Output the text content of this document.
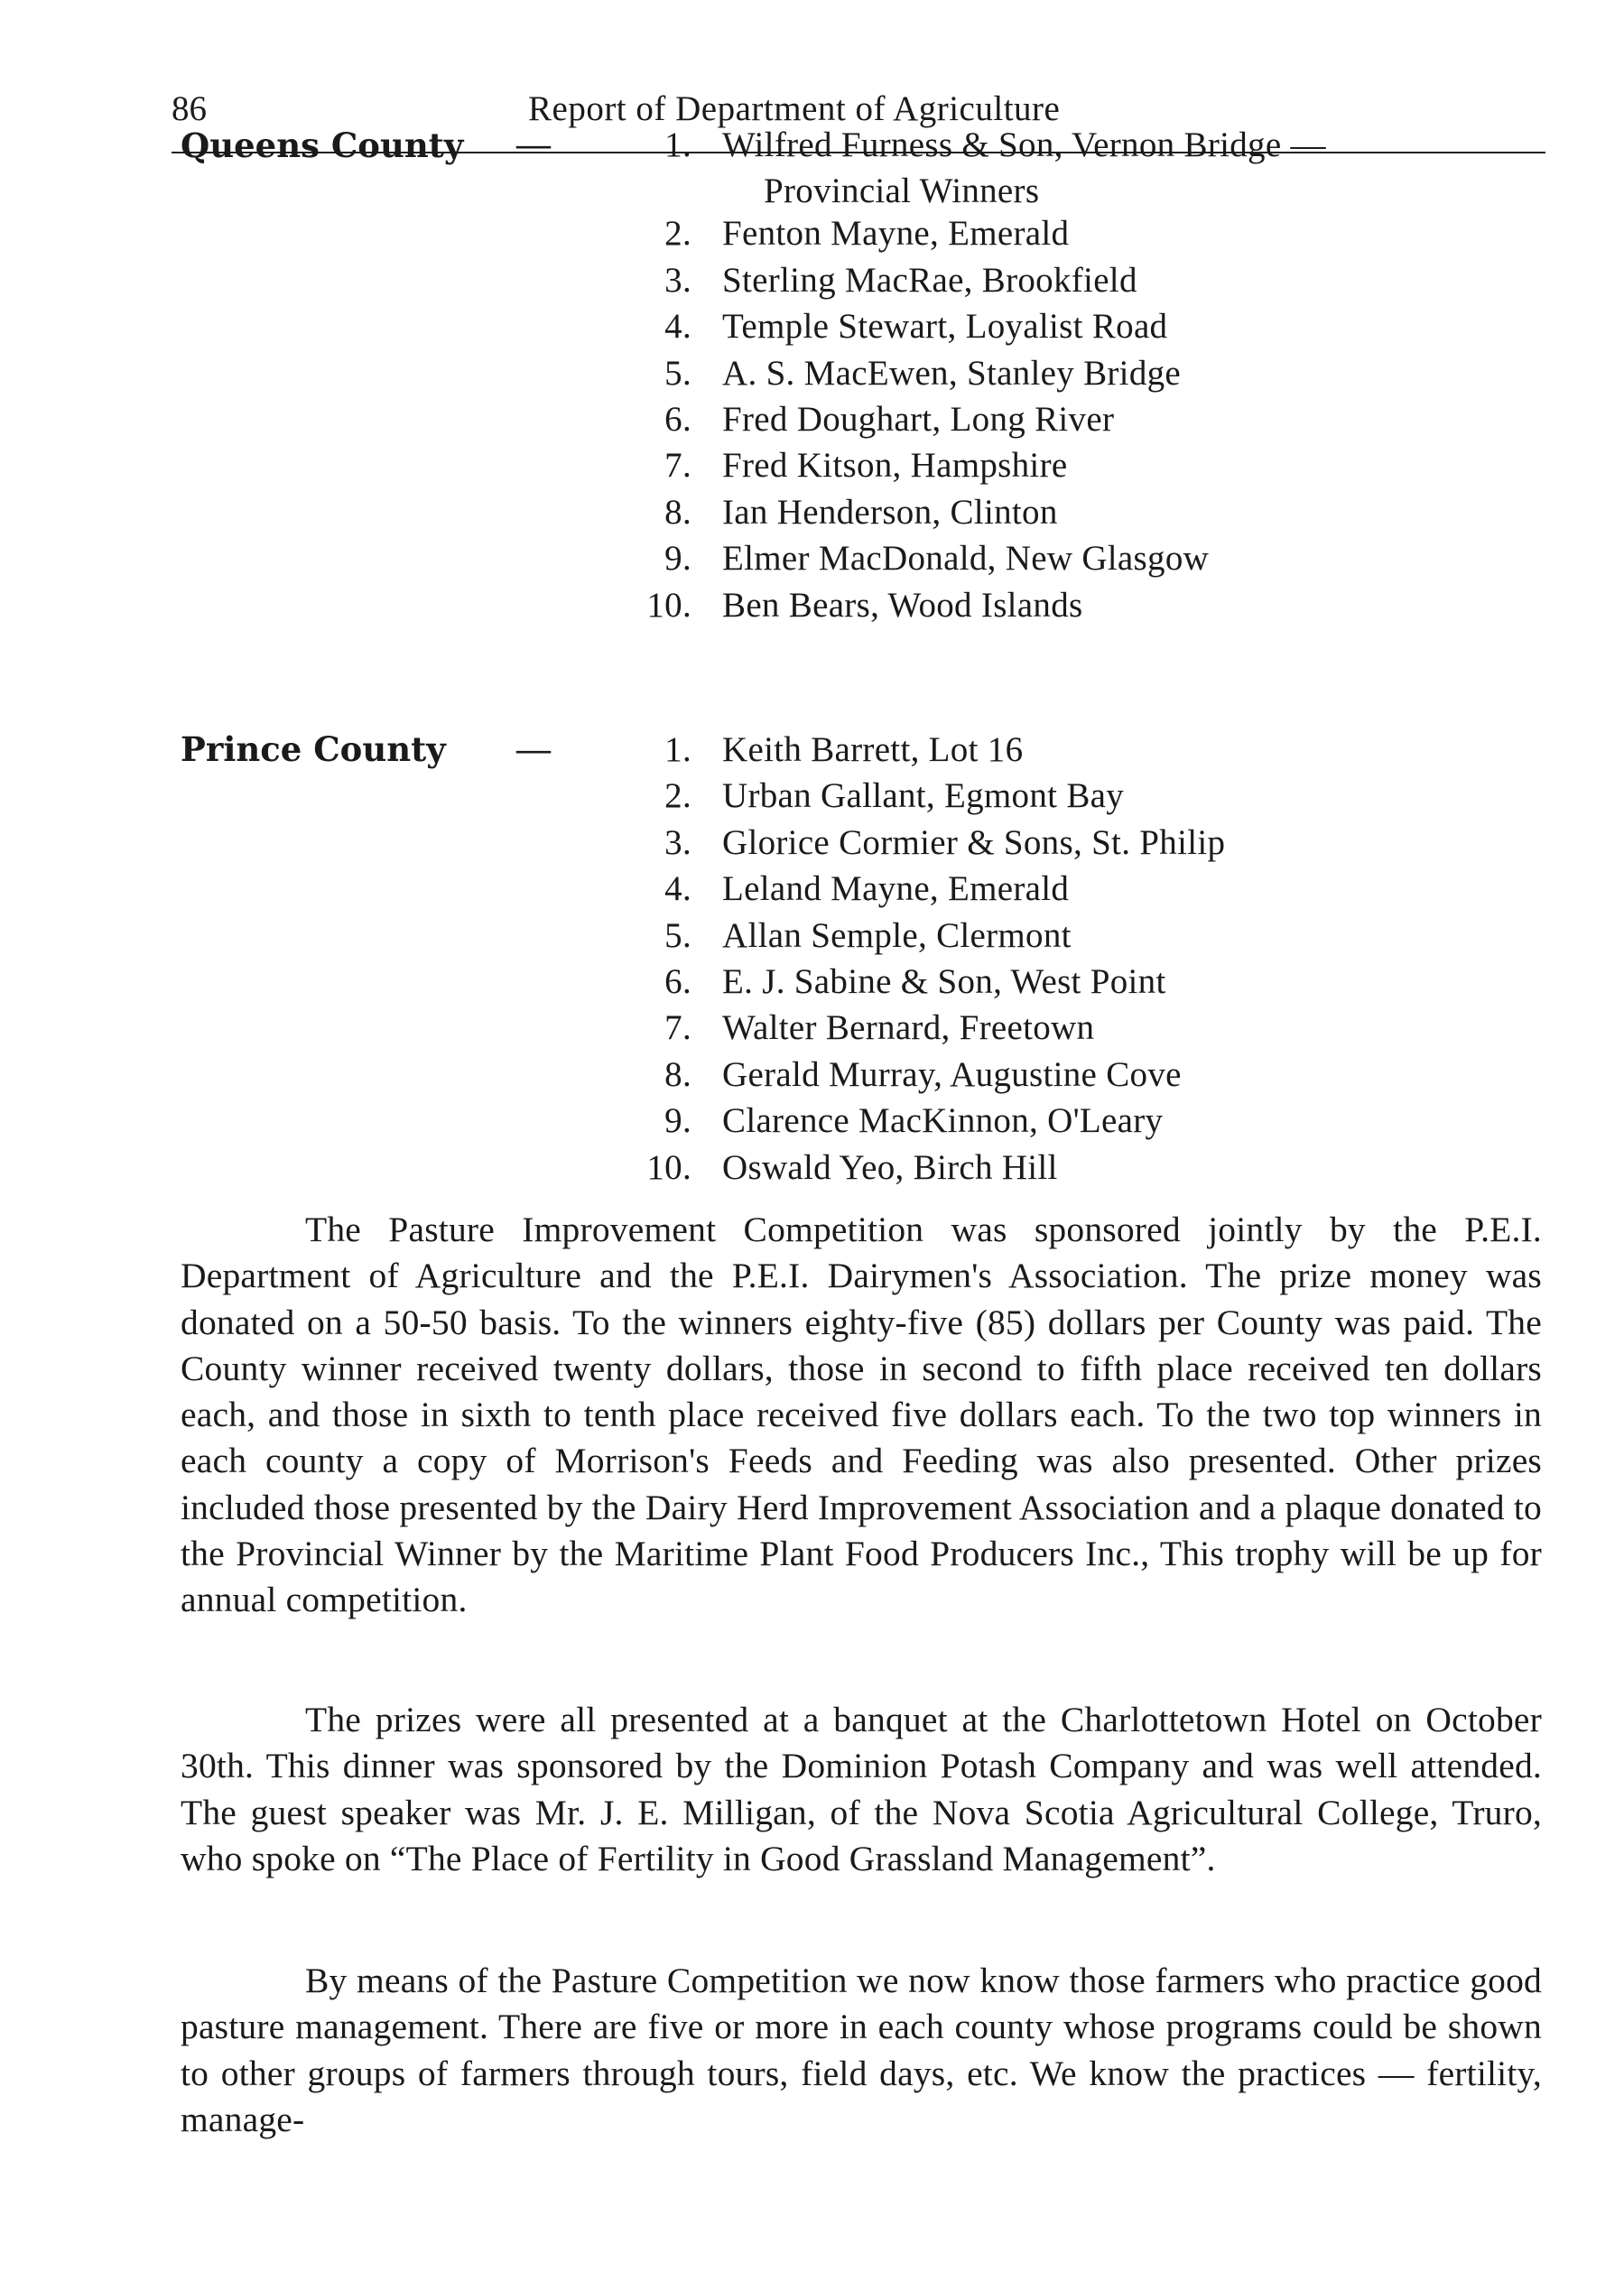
86	Report of Department of Agriculture
Queens County —	1. Wilfred Furness & Son, Vernon Bridge —
Provincial Winners
2. Fenton Mayne, Emerald
3. Sterling MacRae, Brookfield
4. Temple Stewart, Loyalist Road
5. A. S. MacEwen, Stanley Bridge
6. Fred Doughart, Long River
7. Fred Kitson, Hampshire
8. Ian Henderson, Clinton
9. Elmer MacDonald, New Glasgow
10. Ben Bears, Wood Islands
Prince County —	1. Keith Barrett, Lot 16
2. Urban Gallant, Egmont Bay
3. Glorice Cormier & Sons, St. Philip
4. Leland Mayne, Emerald
5. Allan Semple, Clermont
6. E. J. Sabine & Son, West Point
7. Walter Bernard, Freetown
8. Gerald Murray, Augustine Cove
9. Clarence MacKinnon, O'Leary
10. Oswald Yeo, Birch Hill

The Pasture Improvement Competition was sponsored jointly by the P.E.I. Department of Agriculture and the P.E.I. Dairymen's Association. The prize money was donated on a 50-50 basis. To the winners eighty-five (85) dollars per County was paid. The County winner received twenty dollars, those in second to fifth place received ten dollars each, and those in sixth to tenth place received five dollars each. To the two top winners in each county a copy of Morrison's Feeds and Feeding was also presented. Other prizes included those presented by the Dairy Herd Improvement Association and a plaque donated to the Provincial Winner by the Maritime Plant Food Producers Inc., This trophy will be up for annual competition.

The prizes were all presented at a banquet at the Charlottetown Hotel on October 30th. This dinner was sponsored by the Dominion Potash Company and was well attended. The guest speaker was Mr. J. E. Milligan, of the Nova Scotia Agricultural College, Truro, who spoke on “The Place of Fertility in Good Grassland Management”.

By means of the Pasture Competition we now know those farmers who practice good pasture management. There are five or more in each county whose programs could be shown to other groups of farmers through tours, field days, etc. We know the practices — fertility, manage-
